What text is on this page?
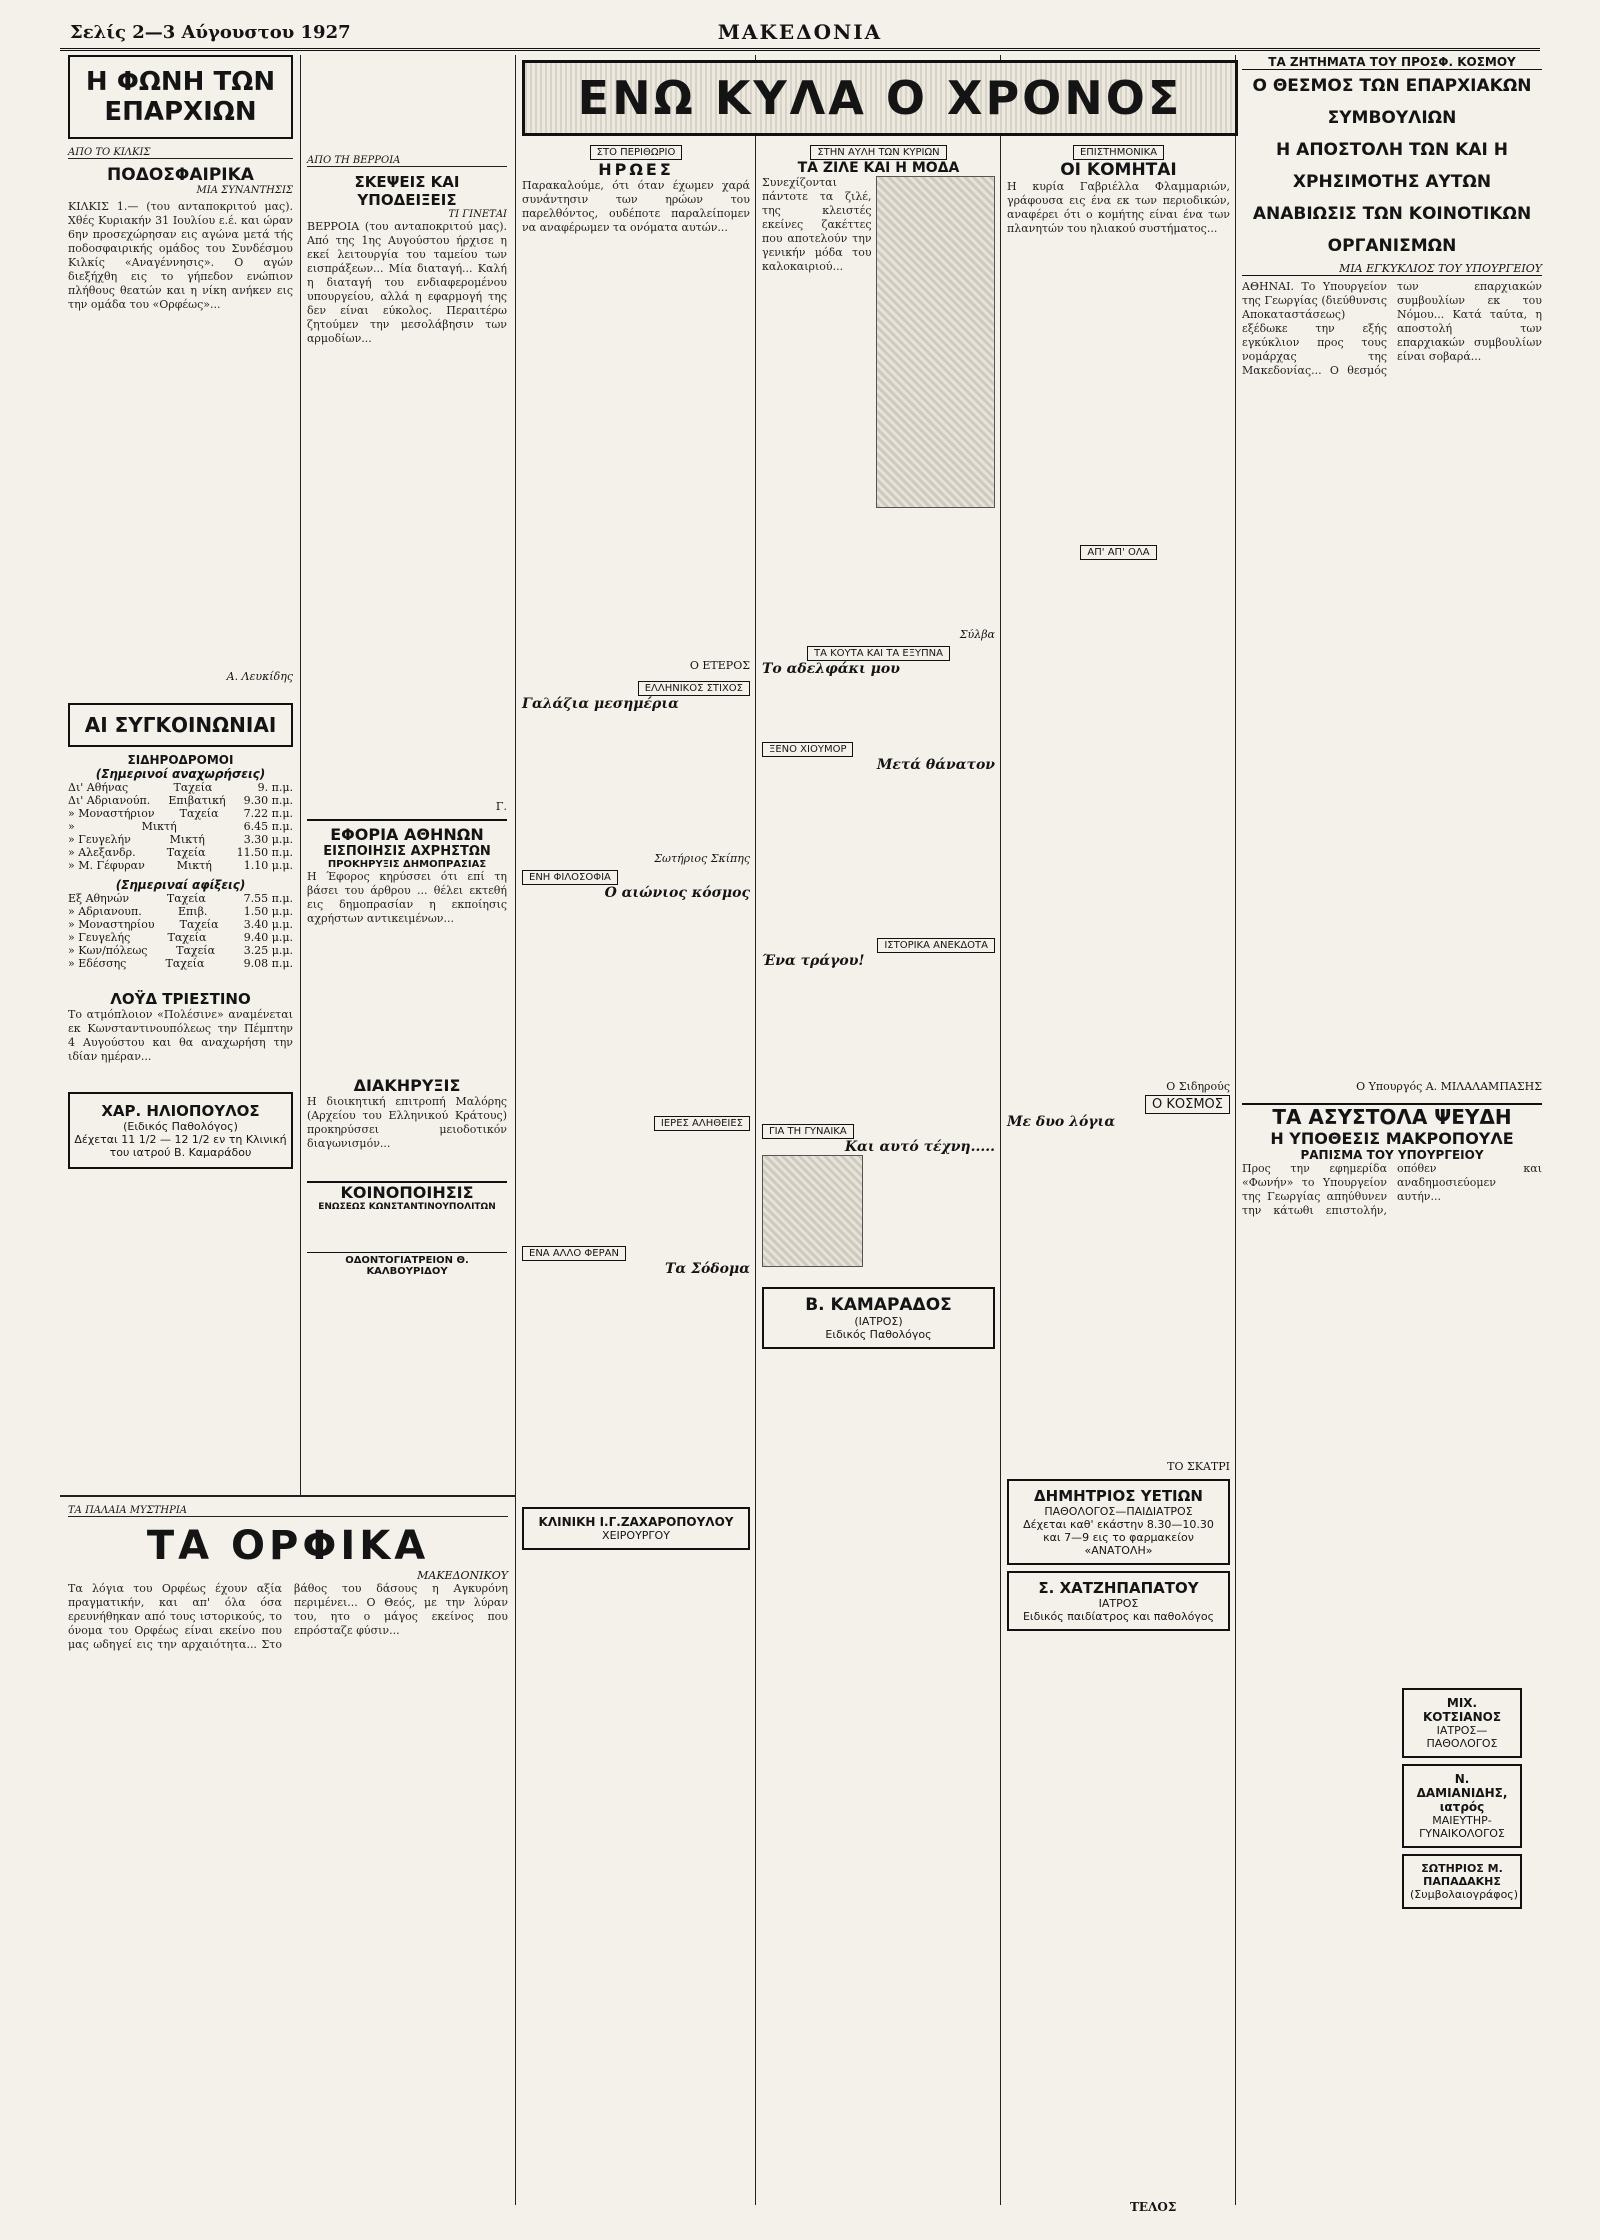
Σελίς 2—3 Αύγουστου 1927	ΜΑΚΕΔΟΝΙΑ
Η ΦΩΝΗ ΤΩΝ ΕΠΑΡΧΙΩΝ
ΑΠΟ ΤΟ ΚΙΛΚΙΣ
ΠΟΔΟΣΦΑΙΡΙΚΑ
ΜΙΑ ΣΥΝΑΝΤΗΣΙΣ
ΚΙΛΚΙΣ 1.— (του ανταποκριτού μας). Χθές Κυριακήν 31 Ιουλίου ε.έ. και ώραν 6ην προσεχώρησαν εις αγώνα μετά τής ποδοσφαιρικής ομάδος του Συνδέσμου Κιλκίς «Αναγέννησις». Ο αγών διεξήχθη εις το γήπεδον ενώπιον πλήθους θεατών και η νίκη ανήκεν εις την ομάδα του «Ορφέως»...
Α. Λευκίδης
ΑΙ ΣΥΓΚΟΙΝΩΝΙΑΙ
ΣΙΔΗΡΟΔΡΟΜΟΙ
(Σημερινοί αναχωρήσεις)
Δι' Αθήνας	Ταχεία	9. π.μ.
Δι' Αδριανούπ. Επιβατική 9.30 π.μ.
» Μοναστήριον Ταχεία 7.22 π.μ.
»	Μικτή	6.45 π.μ.
» Γευγελήν	Μικτή	3.30 μ.μ.
» Αλεξανδρ.	Ταχεία	11.50 π.μ.
» Μ. Γέφυραν	Μικτή	1.10 μ.μ.
(Σημεριναί αφίξεις)
Εξ Αθηνών	Ταχεία	7.55 π.μ.
» Αδριανουπ.	Επιβ.	1.50 μ.μ.
» Μοναστηρίου Ταχεία 3.40 μ.μ.
» Γευγελής	Ταχεία	9.40 μ.μ.
» Κων/πόλεως	Ταχεία	3.25 μ.μ.
» Εδέσσης	Ταχεία	9.08 π.μ.
ΛΟΫΔ ΤΡΙΕΣΤΙΝΟ
Το ατμόπλοιον «Πολέσινε» αναμένεται εκ Κωνσταντινουπόλεως την Πέμπτην 4 Αυγούστου και θα αναχωρήση την ιδίαν ημέραν...
ΧΑΡ. ΗΛΙΟΠΟΥΛΟΣ
(Ειδικός Παθολόγος)
Δέχεται 11 1/2 — 12 1/2 εν τη Κλινική του ιατρού Β. Καμαράδου
ΑΠΟ ΤΗ ΒΕΡΡΟΙΑ
ΣΚΕΨΕΙΣ ΚΑΙ ΥΠΟΔΕΙΞΕΙΣ
ΤΙ ΓΙΝΕΤΑΙ
ΒΕΡΡΟΙΑ (του ανταποκριτού μας). Από της 1ης Αυγούστου ήρχισε η εκεί λειτουργία του ταμείου των εισπράξεων... Μία διαταγή... Καλή η διαταγή του ενδιαφερομένου υπουργείου, αλλά η εφαρμογή της δεν είναι εύκολος. Περαιτέρω ζητούμεν την μεσολάβησιν των αρμοδίων...
Γ.
ΕΦΟΡΙΑ ΑΘΗΝΩΝ
ΕΙΣΠΟΙΗΣΙΣ ΑΧΡΗΣΤΩΝ
ΠΡΟΚΗΡΥΞΙΣ ΔΗΜΟΠΡΑΣΙΑΣ
Η Έφορος κηρύσσει ότι επί τη βάσει του άρθρου ... θέλει εκτεθή εις δημοπρασίαν η εκποίησις αχρήστων αντικειμένων...
ΔΙΑΚΗΡΥΞΙΣ
Η διοικητική επιτροπή Μαλόρης (Αρχείου του Ελληνικού Κράτους) προκηρύσσει μειοδοτικόν διαγωνισμόν...
ΚΟΙΝΟΠΟΙΗΣΙΣ
ΕΝΩΣΕΩΣ ΚΩΝΣΤΑΝΤΙΝΟΥΠΟΛΙΤΩΝ
ΟΔΟΝΤΟΓΙΑΤΡΕΙΟΝ Θ. ΚΑΛΒΟΥΡΙΔΟΥ
ΕΝΩ ΚΥΛΑ Ο ΧΡΟΝΟΣ
ΣΤΟ ΠΕΡΙΘΩΡΙΟ
ΗΡΩΕΣ
Παρακαλούμε, ότι όταν έχωμεν χαρά συνάντησιν των ηρώων του παρελθόντος, ουδέποτε παραλείπομεν να αναφέρωμεν τα ονόματα αυτών...
Ο ΕΤΕΡΟΣ
ΕΛΛΗΝΙΚΟΣ ΣΤΙΧΟΣ
Γαλάζια μεσημέρια
Σωτήριος Σκίπης
ΕΝΗ ΦΙΛΟΣΟΦΙΑ
Ο αιώνιος κόσμος
ΙΕΡΕΣ ΑΛΗΘΕΙΕΣ
ΕΝΑ ΑΛΛΟ ΦΕΡΑΝ
Τα Σόδομα
ΚΛΙΝΙΚΗ Ι.Γ.ΖΑΧΑΡΟΠΟΥΛΟΥ
ΧΕΙΡΟΥΡΓΟΥ
ΣΤΗΝ ΑΥΛΗ ΤΩΝ ΚΥΡΙΩΝ
ΤΑ ΖΙΛΕ ΚΑΙ Η ΜΟΔΑ
Συνεχίζονται πάντοτε τα ζιλέ, της κλειστές εκείνες ζακέττες που αποτελούν την γενικήν μόδα του καλοκαιριού...
Σύλβα
ΤΑ ΚΟΥΤΑ ΚΑΙ ΤΑ ΕΞΥΠΝΑ
Το αδελφάκι μου
ΞΕΝΟ ΧΙΟΥΜΟΡ
Μετά θάνατον
ΙΣΤΟΡΙΚΑ ΑΝΕΚΔΟΤΑ
Ένα τράγου!
ΓΙΑ ΤΗ ΓΥΝΑΙΚΑ
Και αυτό τέχνη.....
Β. ΚΑΜΑΡΑΔΟΣ
(ΙΑΤΡΟΣ)
Ειδικός Παθολόγος
ΕΠΙΣΤΗΜΟΝΙΚΑ
ΟΙ ΚΟΜΗΤΑΙ
Η κυρία Γαβριέλλα Φλαμμαριών, γράφουσα εις ένα εκ των περιοδικών, αναφέρει ότι ο κομήτης είναι ένα των πλανητών του ηλιακού συστήματος...
ΑΠ' ΑΠ' ΟΛΑ
Ο Σιδηρούς
Ο ΚΟΣΜΟΣ
Με δυο λόγια
ΤΟ ΣΚΑΤΡΙ
ΔΗΜΗΤΡΙΟΣ ΥΕΤΙΩΝ
ΠΑΘΟΛΟΓΟΣ—ΠΑΙΔΙΑΤΡΟΣ
Δέχεται καθ' εκάστην 8.30—10.30 και 7—9 εις το φαρμακείον «ΑΝΑΤΟΛΗ»
Σ. ΧΑΤΖΗΠΑΠΑΤΟΥ
ΙΑΤΡΟΣ
Ειδικός παιδίατρος και παθολόγος
ΤΑ ΖΗΤΗΜΑΤΑ ΤΟΥ ΠΡΟΣΦ. ΚΟΣΜΟΥ
Ο ΘΕΣΜΟΣ ΤΩΝ ΕΠΑΡΧΙΑΚΩΝ ΣΥΜΒΟΥΛΙΩΝ
Η ΑΠΟΣΤΟΛΗ ΤΩΝ ΚΑΙ Η ΧΡΗΣΙΜΟΤΗΣ ΑΥΤΩΝ
ΑΝΑΒΙΩΣΙΣ ΤΩΝ ΚΟΙΝΟΤΙΚΩΝ ΟΡΓΑΝΙΣΜΩΝ
ΜΙΑ ΕΓΚΥΚΛΙΟΣ ΤΟΥ ΥΠΟΥΡΓΕΙΟΥ
ΑΘΗΝΑΙ. Το Υπουργείον της Γεωργίας (διεύθυνσις Αποκαταστάσεως) εξέδωκε την εξής εγκύκλιον προς τους νομάρχας της Μακεδονίας... Ο θεσμός των επαρχιακών συμβουλίων εκ του Νόμου... Κατά ταύτα, η αποστολή των επαρχιακών συμβουλίων είναι σοβαρά...
Ο Υπουργός Α. ΜΙΛΑΛΑΜΠΑΣΗΣ
ΤΑ ΑΣΥΣΤΟΛΑ ΨΕΥΔΗ
Η ΥΠΟΘΕΣΙΣ ΜΑΚΡΟΠΟΥΛΕ
ΡΑΠΙΣΜΑ ΤΟΥ ΥΠΟΥΡΓΕΙΟΥ
Προς την εφημερίδα «Φωνήν» το Υπουργείον της Γεωργίας απηύθυνεν την κάτωθι επιστολήν, οπόθεν και αναδημοσιεύομεν αυτήν...
ΜΙΧ. ΚΟΤΣΙΑΝΟΣ
ΙΑΤΡΟΣ—ΠΑΘΟΛΟΓΟΣ
Ν. ΔΑΜΙΑΝΙΔΗΣ, ιατρός
ΜΑΙΕΥΤΗΡ-ΓΥΝΑΙΚΟΛΟΓΟΣ
ΣΩΤΗΡΙΟΣ Μ. ΠΑΠΑΔΑΚΗΣ
(Συμβολαιογράφος)
ΤΑ ΠΑΛΑΙΑ ΜΥΣΤΗΡΙΑ
ΤΑ ΟΡΦΙΚΑ
ΜΑΚΕΔΟΝΙΚΟΥ
Τα λόγια του Ορφέως έχουν αξία πραγματικήν, και απ' όλα όσα ερευνήθηκαν από τους ιστορικούς, το όνομα του Ορφέως είναι εκείνο που μας ωδηγεί εις την αρχαιότητα... Στο βάθος του δάσους η Αγκυρόνη περιμένει... Ο Θεός, με την λύραν του, ητο ο μάγος εκείνος που επρόσταζε φύσιν...
ΤΕΛΟΣ
